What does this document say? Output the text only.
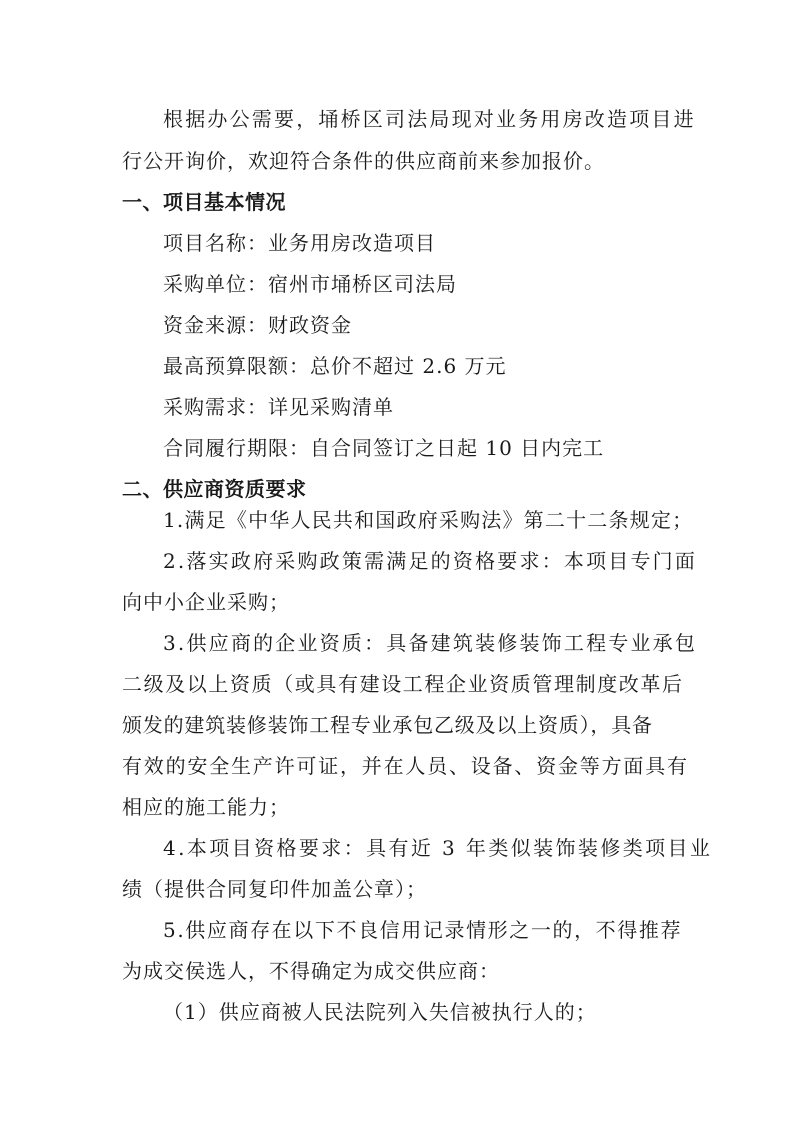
根据办公需要，埇桥区司法局现对业务用房改造项目进
行公开询价，欢迎符合条件的供应商前来参加报价。
一、项目基本情况
项目名称：业务用房改造项目
采购单位：宿州市埇桥区司法局
资金来源：财政资金
最高预算限额：总价不超过 2.6 万元
采购需求：详见采购清单
合同履行期限：自合同签订之日起 10 日内完工
二、供应商资质要求
1.满足《中华人民共和国政府采购法》第二十二条规定；
2.落实政府采购政策需满足的资格要求：本项目专门面
向中小企业采购；
3.供应商的企业资质：具备建筑装修装饰工程专业承包
二级及以上资质（或具有建设工程企业资质管理制度改革后
颁发的建筑装修装饰工程专业承包乙级及以上资质），具备
有效的安全生产许可证，并在人员、设备、资金等方面具有
相应的施工能力；
4.本项目资格要求：具有近 3 年类似装饰装修类项目业
绩（提供合同复印件加盖公章）；
5.供应商存在以下不良信用记录情形之一的，不得推荐
为成交侯选人，不得确定为成交供应商：
（1）供应商被人民法院列入失信被执行人的；
